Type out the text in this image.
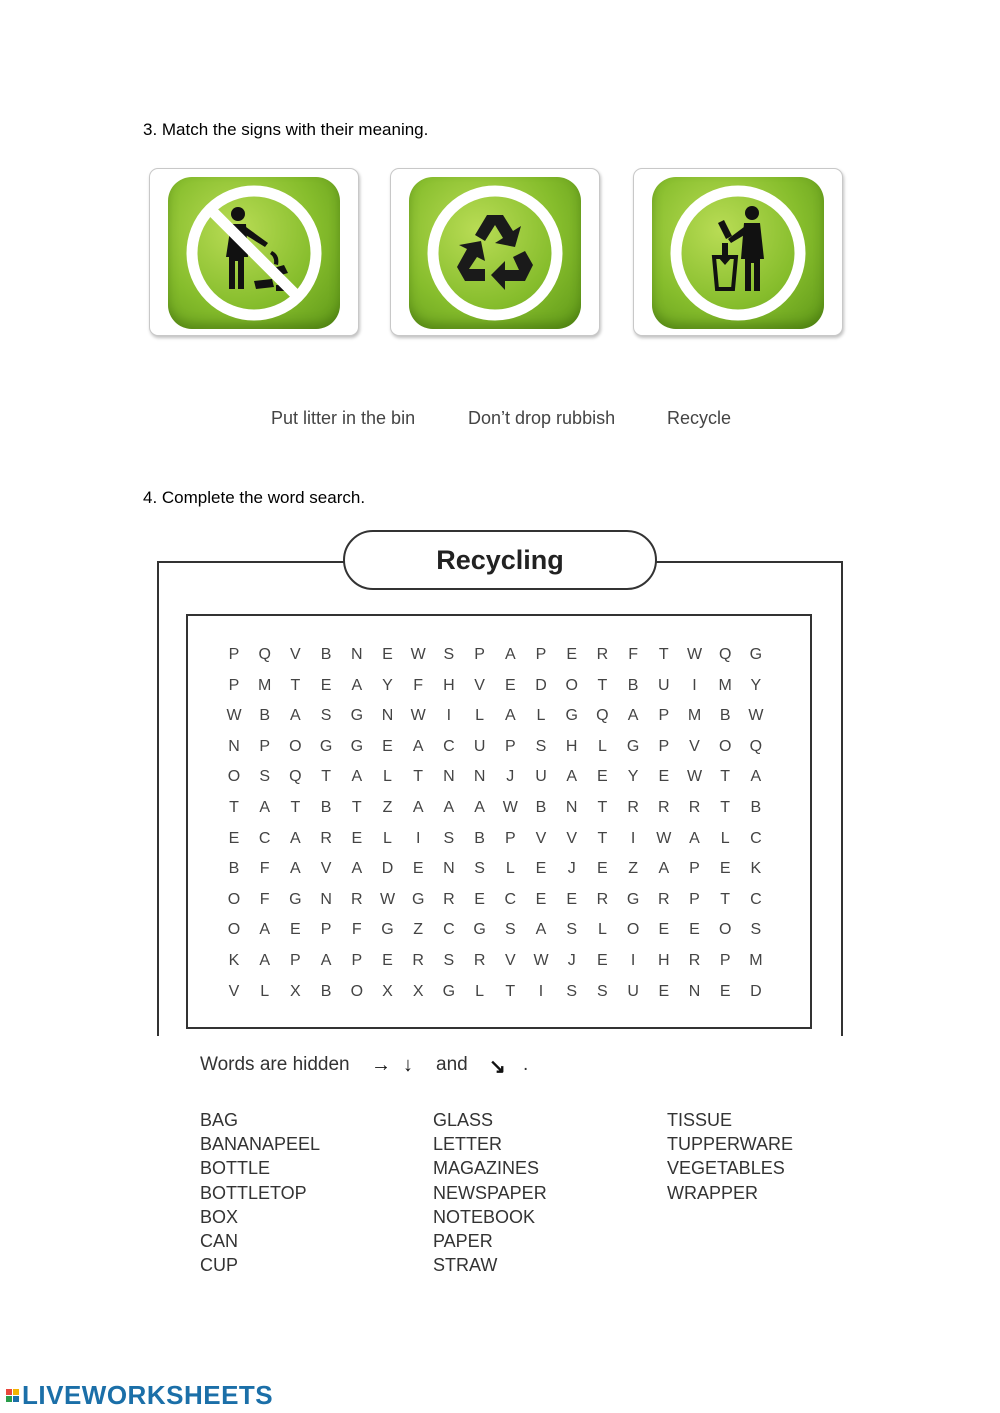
3. Match the signs with their meaning.
Put litter in the bin	Don’t drop rubbish	Recycle
4. Complete the word search.
Recycling
P Q V B N E W S P A P E R	F	T	W Q G
P M	T	E A Y	F	H V E D O	T	B U	I	M Y
W B A S G N W	I	L	A	L	G Q A P M B W
N P O G G E A C U P S H	L	G P V O Q
O S Q	T	A	L	T	N N	J	U A E Y E W	T	A
T	A	T	B	T	Z	A A A W B N	T	R R R	T	B
E C A R E	L	I	S B P V V	T	I	W A	L	C
B	F	A V A D E N S	L	E	J	E	Z	A P E K
O	F	G N R W G R E C E E R G R P	T	C
O A E P	F	G	Z	C G S A S	L	O E E O S
K A P A P E R S R V W	J	E	I	H R P M
V	L	X B O X X G	L	T	I	S S U E N E D
Words are hidden → ↓ and ↘ .
BAG
BANANAPEEL
BOTTLE
BOTTLETOP
BOX
CAN
CUP
GLASS
LETTER
MAGAZINES
NEWSPAPER
NOTEBOOK
PAPER
STRAW
TISSUE
TUPPERWARE
VEGETABLES
WRAPPER
LIVEWORKSHEETS
